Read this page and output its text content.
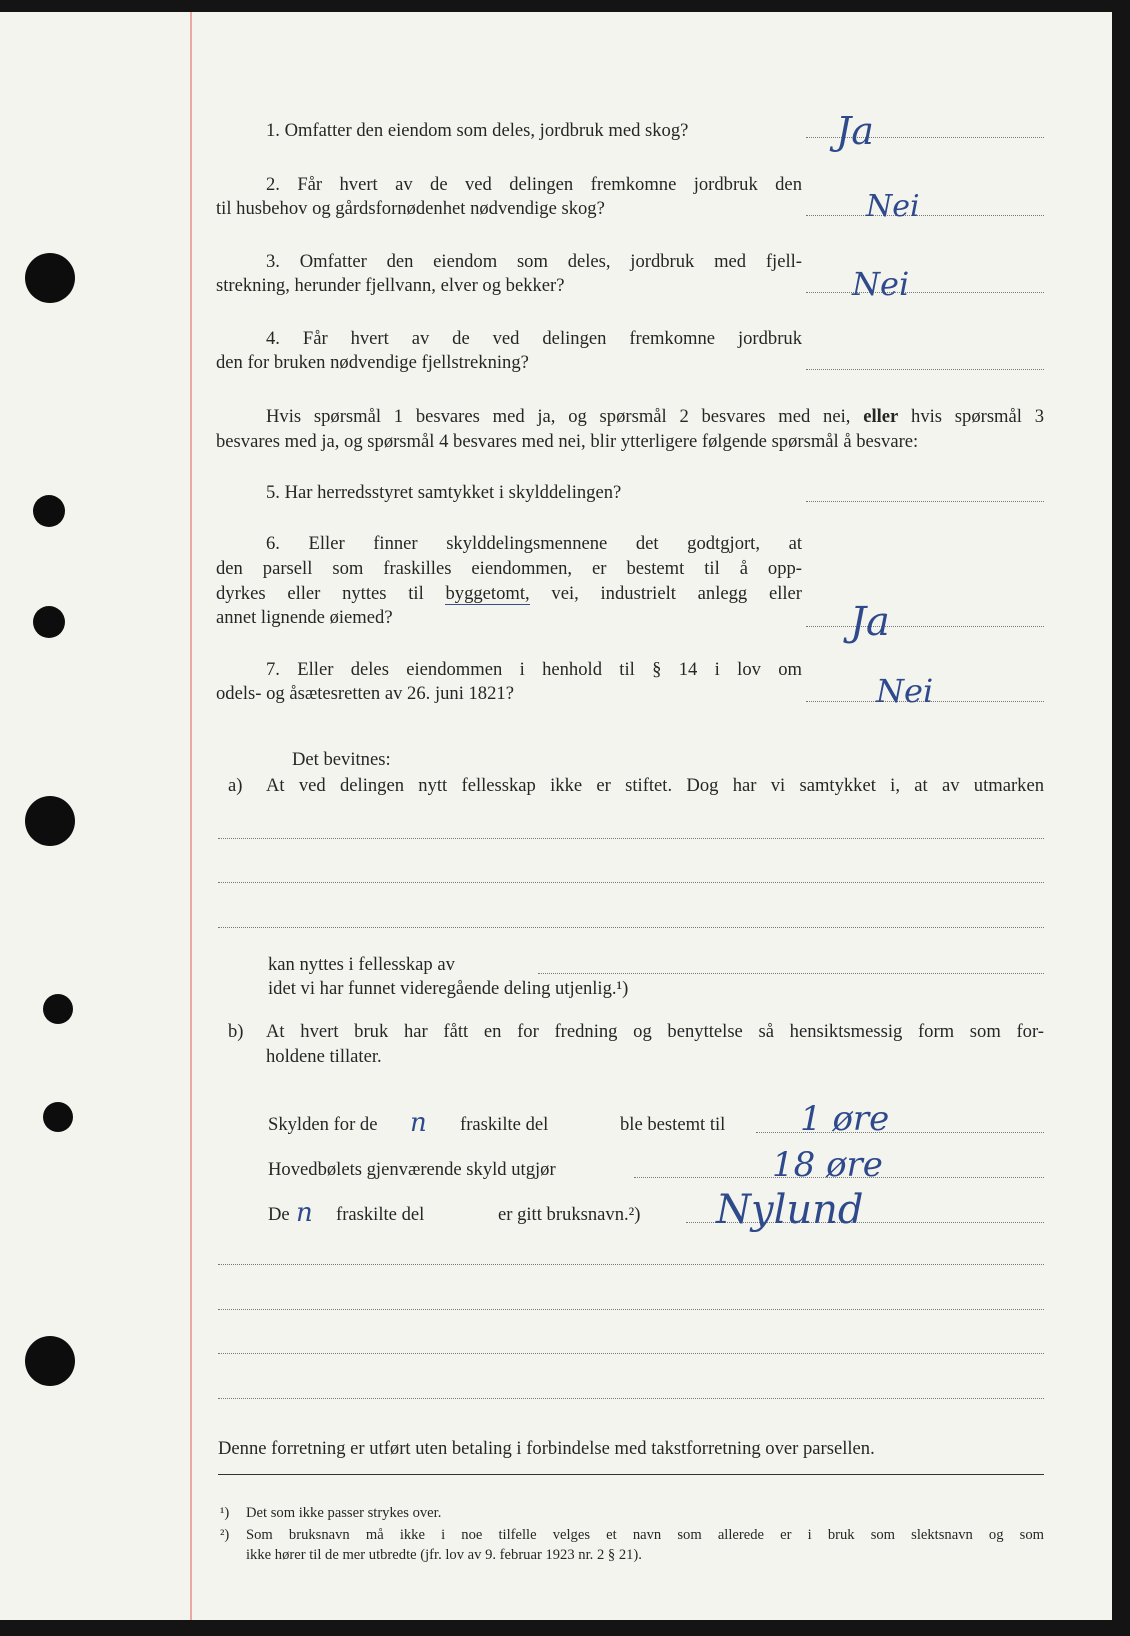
1. Omfatter den eiendom som deles, jordbruk med skog?	Ja
2. Får hvert av de ved delingen fremkomne jordbruk den
til husbehov og gårdsfornødenhet nødvendige skog?	Nei
3. Omfatter den eiendom som deles, jordbruk med fjell-
strekning, herunder fjellvann, elver og bekker?	Nei
4. Får hvert av de ved delingen fremkomne jordbruk
den for bruken nødvendige fjellstrekning?
Hvis spørsmål 1 besvares med ja, og spørsmål 2 besvares med nei, eller hvis spørsmål 3
besvares med ja, og spørsmål 4 besvares med nei, blir ytterligere følgende spørsmål å besvare:
5. Har herredsstyret samtykket i skylddelingen?
6. Eller finner skylddelingsmennene det godtgjort, at
den parsell som fraskilles eiendommen, er bestemt til å opp-
dyrkes eller nyttes til byggetomt, vei, industrielt anlegg eller
annet lignende øiemed?	Ja
7. Eller deles eiendommen i henhold til § 14 i lov om
odels- og åsætesretten av 26. juni 1821?	Nei
Det bevitnes:
a) At ved delingen nytt fellesskap ikke er stiftet. Dog har vi samtykket i, at av utmarken
kan nyttes i fellesskap av
idet vi har funnet videregående deling utjenlig.¹)
b) At hvert bruk har fått en for fredning og benyttelse så hensiktsmessig form som for-
holdene tillater.
Skylden for de n fraskilte del	ble bestemt til 1 øre
Hovedbølets gjenværende skyld utgjør	18 øre
De n fraskilte del	er gitt bruksnavn.²) Nylund
Denne forretning er utført uten betaling i forbindelse med takstforretning over parsellen.
¹) Det som ikke passer strykes over.
²) Som bruksnavn må ikke i noe tilfelle velges et navn som allerede er i bruk som slektsnavn og som
ikke hører til de mer utbredte (jfr. lov av 9. februar 1923 nr. 2 § 21).
